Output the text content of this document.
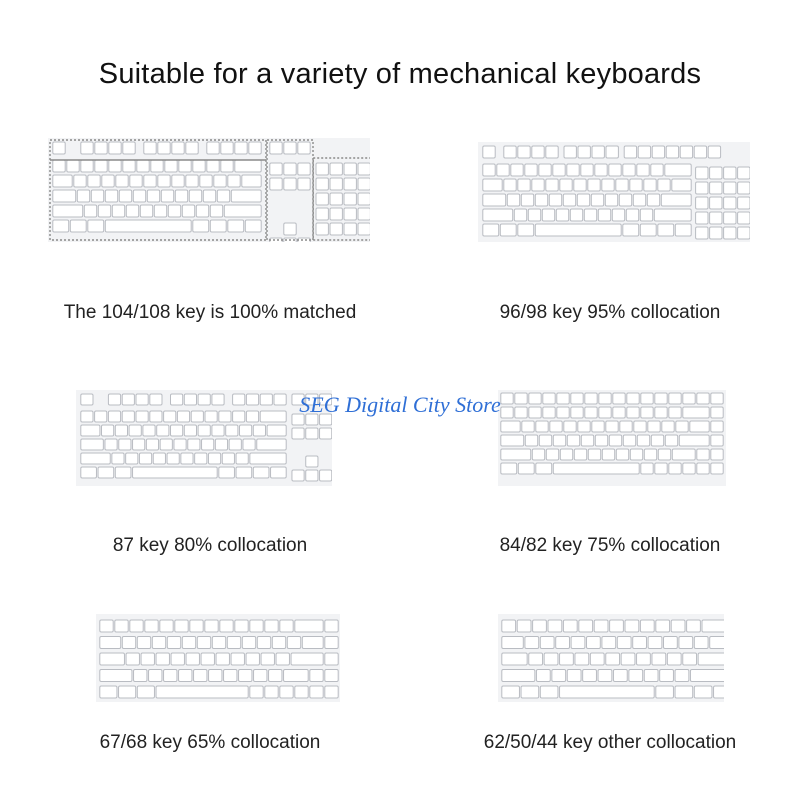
Suitable for a variety of mechanical keyboards
The 104/108 key is 100% matched	96/98 key 95% collocation
87 key 80% collocation	84/82 key 75% collocation
67/68 key 65% collocation	62/50/44 key other collocation
SEG Digital City Store
